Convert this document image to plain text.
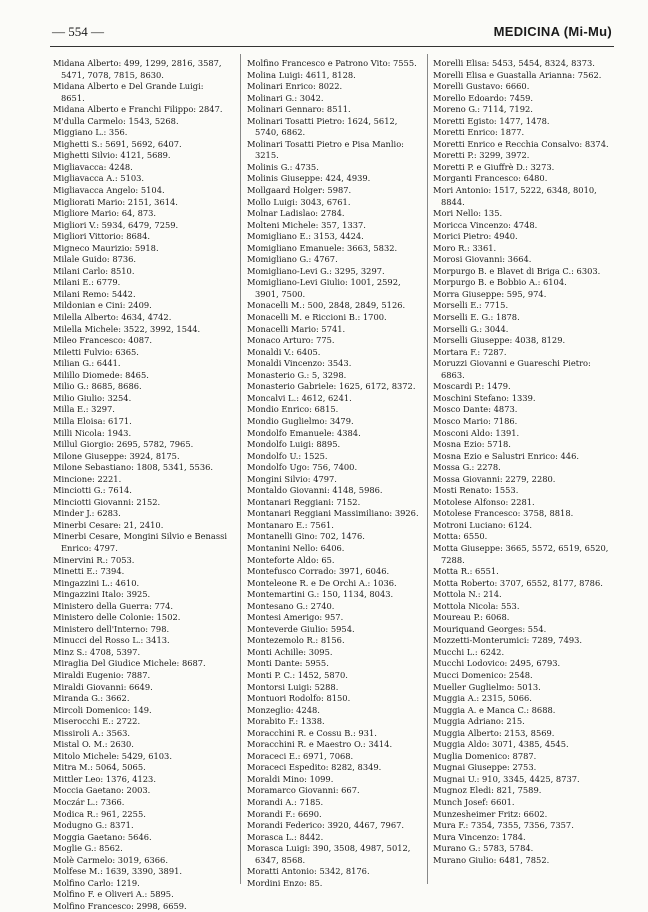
— 554 —	MEDICINA (Mi-Mu)
Midana Alberto: 499, 1299, 2816, 3587, 5471, 7078, 7815, 8630.
Midana Alberto e Del Grande Luigi: 8651.
Midana Alberto e Franchi Filippo: 2847.
M'dulla Carmelo: 1543, 5268.
Miggiano L.: 356.
Mighetti S.: 5691, 5692, 6407.
Mighetti Silvio: 4121, 5689.
Migliavacca: 4248.
Migliavacca A.: 5103.
Migliavacca Angelo: 5104.
Migliorati Mario: 2151, 3614.
Migliore Mario: 64, 873.
Migliori V.: 5934, 6479, 7259.
Migliori Vittorio: 8684.
Migneco Maurizio: 5918.
Milale Guido: 8736.
Milani Carlo: 8510.
Milani E.: 6779.
Milani Remo: 5442.
Mildonian e Cini: 2409.
Milella Alberto: 4634, 4742.
Milella Michele: 3522, 3992, 1544.
Mileo Francesco: 4087.
Miletti Fulvio: 6365.
Milian G.: 6441.
Milillo Diomede: 8465.
Milio G.: 8685, 8686.
Milio Giulio: 3254.
Milla E.: 3297.
Milla Eloisa: 6171.
Milli Nicola: 1943.
Millul Giorgio: 2695, 5782, 7965.
Milone Giuseppe: 3924, 8175.
Milone Sebastiano: 1808, 5341, 5536.
Mincione: 2221.
Minciotti G.: 7614.
Minciotti Giovanni: 2152.
Minder J.: 6283.
Minerbi Cesare: 21, 2410.
Minerbi Cesare, Mongini Silvio e Benassi Enrico: 4797.
Minervini R.: 7053.
Minetti E.: 7394.
Mingazzini L.: 4610.
Mingazzini Italo: 3925.
Ministero della Guerra: 774.
Ministero delle Colonie: 1502.
Ministero dell'Interno: 798.
Minucci del Rosso L.: 3413.
Minz S.: 4708, 5397.
Miraglia Del Giudice Michele: 8687.
Miraldi Eugenio: 7887.
Miraldi Giovanni: 6649.
Miranda G.: 3662.
Mircoli Domenico: 149.
Miserocchi E.: 2722.
Missiroli A.: 3563.
Mistal O. M.: 2630.
Mitolo Michele: 5429, 6103.
Mitra M.: 5064, 5065.
Mittler Leo: 1376, 4123.
Moccia Gaetano: 2003.
Moczár L.: 7366.
Modica R.: 961, 2255.
Modugno G.: 8371.
Moggia Gaetano: 5646.
Moglie G.: 8562.
Molè Carmelo: 3019, 6366.
Molfese M.: 1639, 3390, 3891.
Molfino Carlo: 1219.
Molfino F. e Oliveri A.: 5895.
Molfino Francesco: 2998, 6659.
Molfino Francesco e Patrono Vito: 7555.
Molina Luigi: 4611, 8128.
Molinari Enrico: 8022.
Molinari G.: 3042.
Molinari Gennaro: 8511.
Molinari Tosatti Pietro: 1624, 5612, 5740, 6862.
Molinari Tosatti Pietro e Pisa Manlio: 3215.
Molinis G.: 4735.
Molinis Giuseppe: 424, 4939.
Mollgaard Holger: 5987.
Mollo Luigi: 3043, 6761.
Molnar Ladislao: 2784.
Molteni Michele: 357, 1337.
Momigliano E.: 3153, 4424.
Momigliano Emanuele: 3663, 5832.
Momigliano G.: 4767.
Momigliano-Levi G.: 3295, 3297.
Momigliano-Levi Giulio: 1001, 2592, 3901, 7500.
Monacelli M.: 500, 2848, 2849, 5126.
Monacelli M. e Riccioni B.: 1700.
Monacelli Mario: 5741.
Monaco Arturo: 775.
Monaldi V.: 6405.
Monaldi Vincenzo: 3543.
Monasterio G.: 5, 3298.
Monasterio Gabriele: 1625, 6172, 8372.
Moncalvi L.: 4612, 6241.
Mondio Enrico: 6815.
Mondio Guglielmo: 3479.
Mondolfo Emanuele: 4384.
Mondolfo Luigi: 8895.
Mondolfo U.: 1525.
Mondolfo Ugo: 756, 7400.
Mongini Silvio: 4797.
Montaldo Giovanni: 4148, 5986.
Montanari Reggiani: 7152.
Montanari Reggiani Massimiliano: 3926.
Montanaro E.: 7561.
Montanelli Gino: 702, 1476.
Montanini Nello: 6406.
Monteforte Aldo: 65.
Montefusco Corrado: 3971, 6046.
Monteleone R. e De Orchi A.: 1036.
Montemartini G.: 150, 1134, 8043.
Montesano G.: 2740.
Montesi Amerigo: 957.
Monteverde Giulio: 5954.
Montezemolo R.: 8156.
Monti Achille: 3095.
Monti Dante: 5955.
Monti P. C.: 1452, 5870.
Montorsi Luigi: 5288.
Montuori Rodolfo: 8150.
Monzeglio: 4248.
Morabito F.: 1338.
Moracchini R. e Cossu B.: 931.
Moracchini R. e Maestro O.: 3414.
Moraceci E.: 6971, 7068.
Moraceci Espedito: 8282, 8349.
Moraldi Mino: 1099.
Moramarco Giovanni: 667.
Morandi A.: 7185.
Morandi F.: 6690.
Morandi Federico: 3920, 4467, 7967.
Morasca L.: 8442.
Morasca Luigi: 390, 3508, 4987, 5012, 6347, 8568.
Moratti Antonio: 5342, 8176.
Mordini Enzo: 85.
Morelli Elisa: 5453, 5454, 8324, 8373.
Morelli Elisa e Guastalla Arianna: 7562.
Morelli Gustavo: 6660.
Morello Edoardo: 7459.
Moreno G.: 7114, 7192.
Moretti Egisto: 1477, 1478.
Moretti Enrico: 1877.
Moretti Enrico e Recchia Consalvo: 8374.
Moretti P.: 3299, 3972.
Moretti P. e Giuffrè D.: 3273.
Morganti Francesco: 6480.
Mori Antonio: 1517, 5222, 6348, 8010, 8844.
Mori Nello: 135.
Moricca Vincenzo: 4748.
Morici Pietro: 4940.
Moro R.: 3361.
Morosi Giovanni: 3664.
Morpurgo B. e Blavet di Briga C.: 6303.
Morpurgo B. e Bobbio A.: 6104.
Morra Giuseppe: 595, 974.
Morselli E.: 7715.
Morselli E. G.: 1878.
Morselli G.: 3044.
Morselli Giuseppe: 4038, 8129.
Mortara F.: 7287.
Moruzzi Giovanni e Guareschi Pietro: 6863.
Moscardi P.: 1479.
Moschini Stefano: 1339.
Mosco Dante: 4873.
Mosco Mario: 7186.
Mosconi Aldo: 1391.
Mosna Ezio: 5718.
Mosna Ezio e Salustri Enrico: 446.
Mossa G.: 2278.
Mossa Giovanni: 2279, 2280.
Mosti Renato: 1553.
Motolese Alfonso: 2281.
Motolese Francesco: 3758, 8818.
Motroni Luciano: 6124.
Motta: 6550.
Motta Giuseppe: 3665, 5572, 6519, 6520, 7288.
Motta R.: 6551.
Motta Roberto: 3707, 6552, 8177, 8786.
Mottola N.: 214.
Mottola Nicola: 553.
Moureau P.: 6068.
Mouriquand Georges: 554.
Mozzetti-Monterumici: 7289, 7493.
Mucchi L.: 6242.
Mucchi Lodovico: 2495, 6793.
Mucci Domenico: 2548.
Mueller Guglielmo: 5013.
Muggia A.: 2315, 5066.
Muggia A. e Manca C.: 8688.
Muggia Adriano: 215.
Muggia Alberto: 2153, 8569.
Muggia Aldo: 3071, 4385, 4545.
Muglia Domenico: 8787.
Mugnai Giuseppe: 2753.
Mugnai U.: 910, 3345, 4425, 8737.
Mugnoz Eledi: 821, 7589.
Munch Josef: 6601.
Munzesheimer Fritz: 6602.
Mura F.: 7354, 7355, 7356, 7357.
Mura Vincenzo: 1784.
Murano G.: 5783, 5784.
Murano Giulio: 6481, 7852.
